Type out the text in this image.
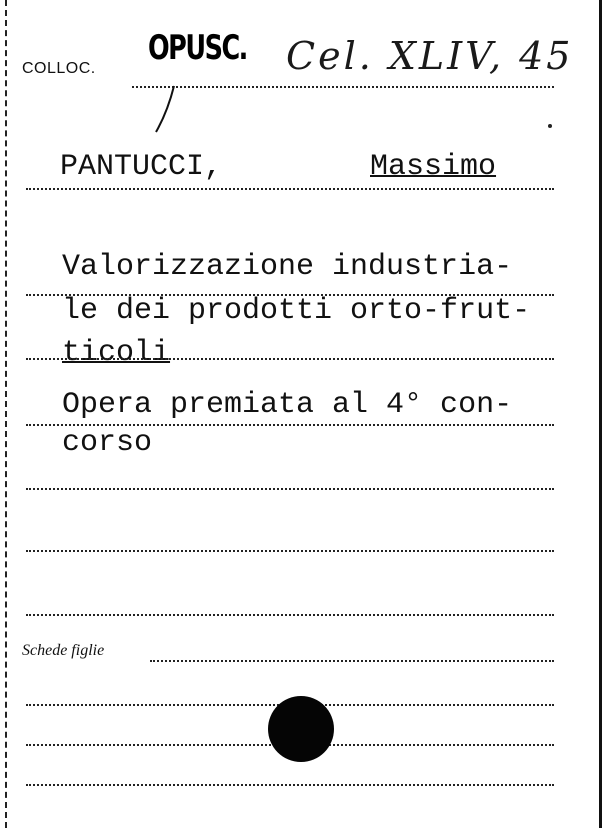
COLLOC.
OPUSC. Cel. XLIV, 45
PANTUCCI,	Massimo
Valorizzazione industria-
le dei prodotti orto-frut-
ticoli
Opera premiata al 4° con-
corso
Schede figlie
